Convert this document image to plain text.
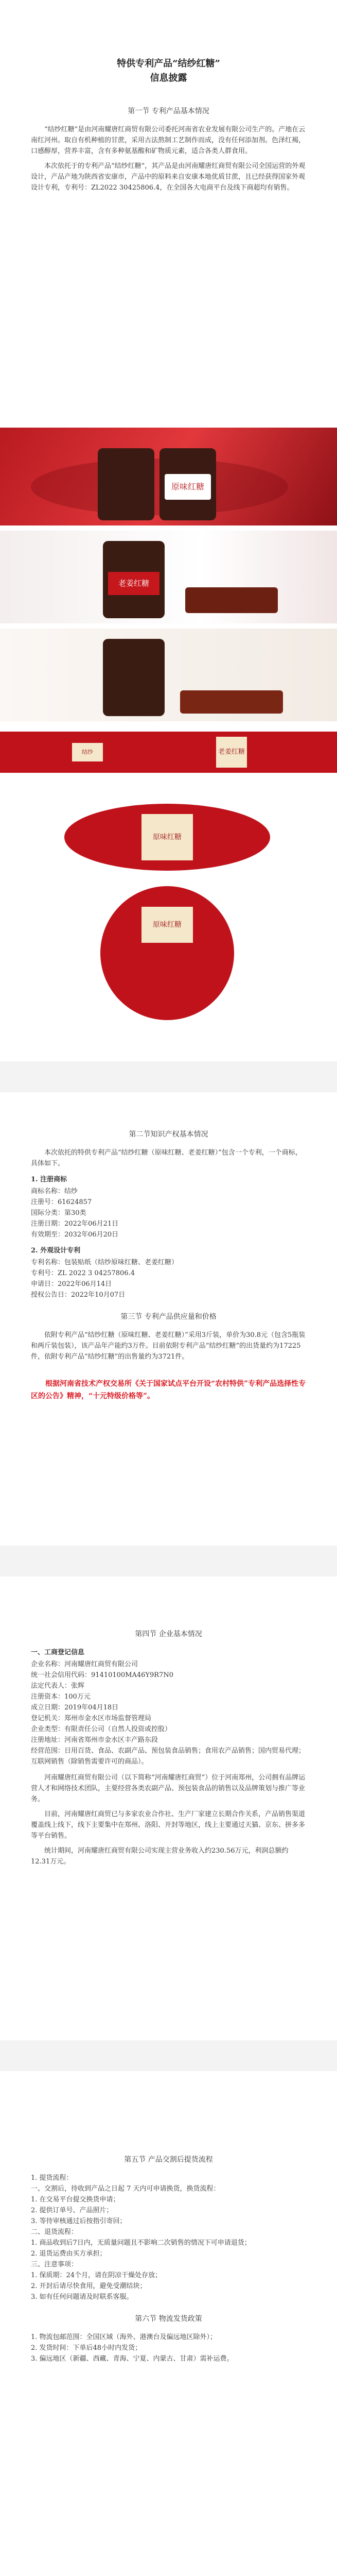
特供专利产品“结纱红糖”
信息披露
第一节 专利产品基本情况

“结纱红糖”是由河南耀唐红商贸有限公司委托河南省农业发展有限公司生产的。产地在云南红河州。取自有机种植的甘蔗，采用古法熬制工艺制作而成，没有任何添加剂。色泽红褐，口感醇厚，营养丰富，含有多种氨基酸和矿物质元素，适合各类人群食用。

本次依托于的专利产品“结纱红糖”，其产品是由河南耀唐红商贸有限公司全国运营的外观设计，产品产地为陕西省安康市，产品中的原料来自安康本地优质甘蔗，且已经获得国家外观设计专利，专利号：ZL2022 30425806.4，在全国各大电商平台及线下商超均有销售。

原味红糖
老姜红糖
结纱	老姜红糖
原味红糖
原味红糖
第二节知识产权基本情况

本次依托的特供专利产品“结纱红糖（原味红糖、老姜红糖）”包含一个专利，一个商标，具体如下。

1. 注册商标

商标名称：结纱

注册号：61624857

国际分类：第30类

注册日期：2022年06月21日

有效期至：2032年06月20日

2. 外观设计专利

专利名称：包装贴纸（结纱原味红糖、老姜红糖）

专利号：ZL 2022 3 04257806.4

申请日：2022年06月14日

授权公告日：2022年10月07日

第三节 专利产品供应量和价格

依附专利产品“结纱红糖（原味红糖、老姜红糖）”采用3斤装，单价为30.8元（包含5瓶装和两斤装包装），该产品年产能约3万件。目前依附专利产品“结纱红糖”的出货量约为17225件，依附专利产品“结纱红糖”的出售量约为3721件。

根据河南省技术产权交易所《关于国家试点平台开设“农村特供”专利产品选择性专区的公告》精神，“十元特级价格等”。

第四节 企业基本情况
一、工商登记信息

企业名称：河南耀唐红商贸有限公司

统一社会信用代码：91410100MA46Y9R7N0

法定代表人：张辉

注册资本：100万元

成立日期：2019年04月18日

登记机关：郑州市金水区市场监督管理局

企业类型：有限责任公司（自然人投资或控股）

注册地址：河南省郑州市金水区丰产路东段

经营范围：日用百货、食品、农副产品、预包装食品销售；食用农产品销售；国内贸易代理；互联网销售（除销售需要许可的商品）。

河南耀唐红商贸有限公司（以下简称“河南耀唐红商贸”）位于河南郑州，公司拥有品牌运营人才和网络技术团队，主要经营各类农副产品、预包装食品的销售以及品牌策划与推广等业务。

目前，河南耀唐红商贸已与多家农业合作社、生产厂家建立长期合作关系，产品销售渠道覆盖线上线下，线下主要集中在郑州、洛阳、开封等地区，线上主要通过天猫、京东、拼多多等平台销售。

统计期间，河南耀唐红商贸有限公司实现主营业务收入约230.56万元，利润总额约12.31万元。

第五节 产品交割后提货流程

1. 提货流程：

一、交割后，待收到产品之日起 7 天内可申请换货，换货流程：

1. 在交易平台提交换货申请；

2. 提供订单号、产品照片；

3. 等待审核通过后按指引寄回；

二、退货流程：

1. 商品收到后7日内，无质量问题且不影响二次销售的情况下可申请退货；

2. 退货运费由买方承担；

三、注意事项：

1. 保质期：24个月，请在阴凉干燥处存放；

2. 开封后请尽快食用，避免受潮结块；

3. 如有任何问题请及时联系客服。

第六节 物流发货政策

1. 物流包邮范围：全国区域（海外、港澳台及偏远地区除外）；

2. 发货时间：下单后48小时内发货；

3. 偏远地区（新疆、西藏、青海、宁夏、内蒙古、甘肃）需补运费。
